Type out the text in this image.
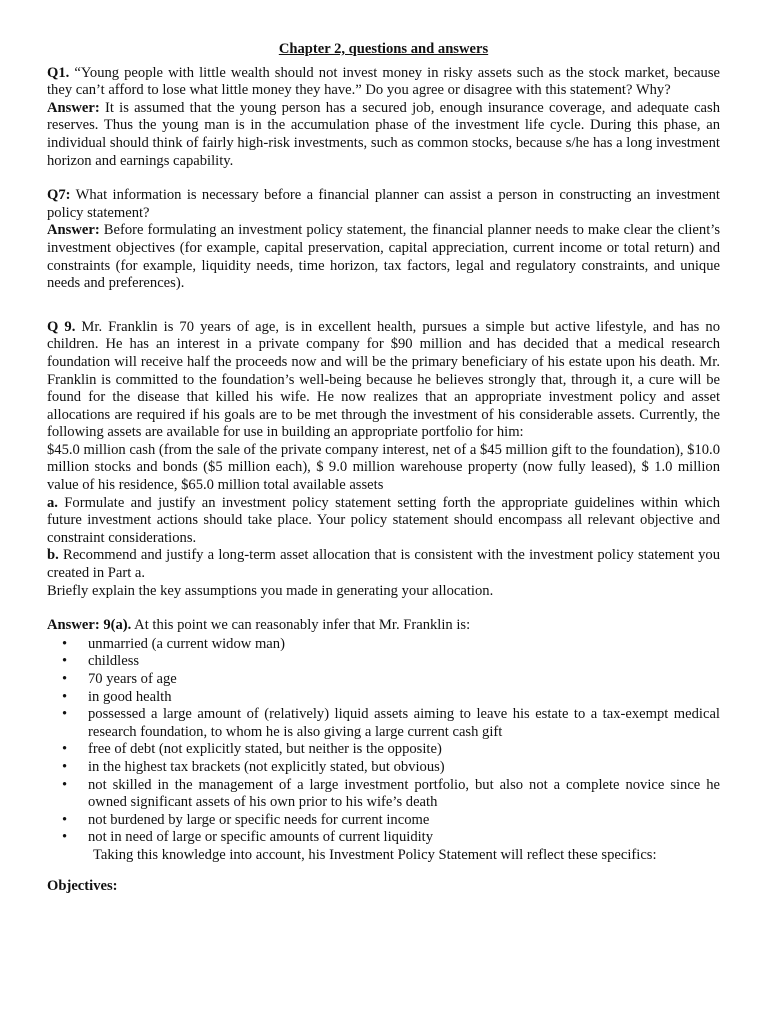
Chapter 2, questions and answers

Q1. “Young people with little wealth should not invest money in risky assets such as the stock market, because they can’t afford to lose what little money they have.” Do you agree or disagree with this statement? Why?

Answer: It is assumed that the young person has a secured job, enough insurance coverage, and adequate cash reserves. Thus the young man is in the accumulation phase of the investment life cycle. During this phase, an individual should think of fairly high-risk investments, such as common stocks, because s/he has a long investment horizon and earnings capability.

Q7: What information is necessary before a financial planner can assist a person in constructing an investment policy statement?

Answer: Before formulating an investment policy statement, the financial planner needs to make clear the client’s investment objectives (for example, capital preservation, capital appreciation, current income or total return) and constraints (for example, liquidity needs, time horizon, tax factors, legal and regulatory constraints, and unique needs and preferences).

Q 9. Mr. Franklin is 70 years of age, is in excellent health, pursues a simple but active lifestyle, and has no children. He has an interest in a private company for $90 million and has decided that a medical research foundation will receive half the proceeds now and will be the primary beneficiary of his estate upon his death. Mr. Franklin is committed to the foundation’s well-being because he believes strongly that, through it, a cure will be found for the disease that killed his wife. He now realizes that an appropriate investment policy and asset allocations are required if his goals are to be met through the investment of his considerable assets. Currently, the following assets are available for use in building an appropriate portfolio for him:

$45.0 million cash (from the sale of the private company interest, net of a $45 million gift to the foundation), $10.0 million stocks and bonds ($5 million each), $ 9.0 million warehouse property (now fully leased), $ 1.0 million value of his residence, $65.0 million total available assets

a. Formulate and justify an investment policy statement setting forth the appropriate guidelines within which future investment actions should take place. Your policy statement should encompass all relevant objective and constraint considerations.

b. Recommend and justify a long-term asset allocation that is consistent with the investment policy statement you created in Part a.

Briefly explain the key assumptions you made in generating your allocation.

Answer: 9(a). At this point we can reasonably infer that Mr. Franklin is:

• unmarried (a current widow man)
• childless
• 70 years of age
• in good health
• possessed a large amount of (relatively) liquid assets aiming to leave his estate to a tax-exempt medical research foundation, to whom he is also giving a large current cash gift
• free of debt (not explicitly stated, but neither is the opposite)
• in the highest tax brackets (not explicitly stated, but obvious)
• not skilled in the management of a large investment portfolio, but also not a complete novice since he owned significant assets of his own prior to his wife’s death
• not burdened by large or specific needs for current income
• not in need of large or specific amounts of current liquidity
Taking this knowledge into account, his Investment Policy Statement will reflect these specifics:
Objectives:
